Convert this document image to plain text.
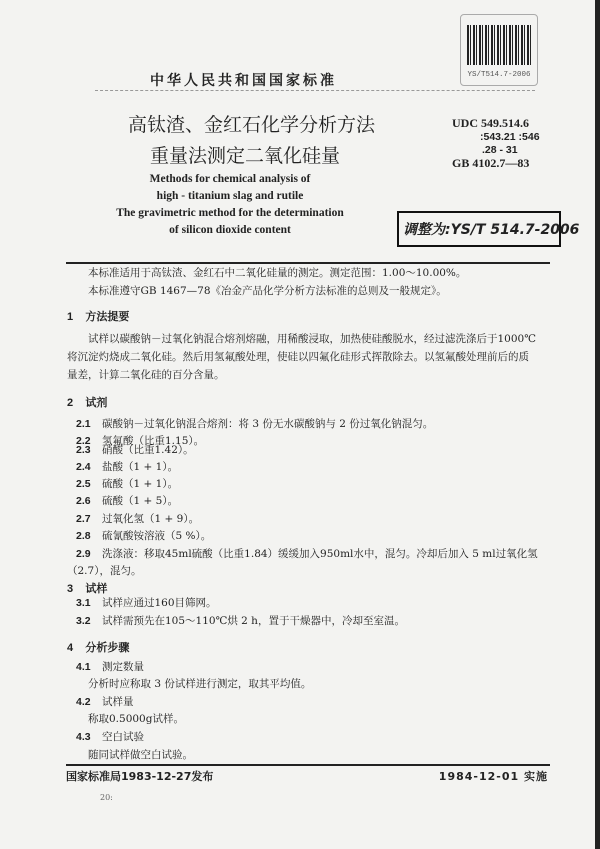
YS/T514.7-2006
中华人民共和国国家标准
高钛渣、金红石化学分析方法
重量法测定二氧化硅量
UDC 549.514.6
:543.21 :546
.28 - 31
GB 4102.7—83
Methods for chemical analysis of
high - titanium slag and rutile
The gravimetric method for the determination
of silicon dioxide content	调整为:YS/T 514.7-2006
本标准适用于高钛渣、金红石中二氧化硅量的测定。测定范围：1.00～10.00%。
本标准遵守GB 1467—78《冶金产品化学分析方法标准的总则及一般规定》。
1 方法提要
试样以碳酸钠－过氧化钠混合熔剂熔融，用稀酸浸取，加热使硅酸脱水，经过滤洗涤后于1000℃
将沉淀灼烧成二氧化硅。然后用氢氟酸处理，使硅以四氟化硅形式挥散除去。以氢氟酸处理前后的质
量差，计算二氧化硅的百分含量。
2 试剂
2.1 碳酸钠－过氧化钠混合熔剂：将 3 份无水碳酸钠与 2 份过氧化钠混匀。
2.2 氢氟酸（比重1.15）。
2.3 硝酸（比重1.42）。
2.4 盐酸（1 + 1）。
2.5 硫酸（1 + 1）。
2.6 硫酸（1 + 5）。
2.7 过氧化氢（1 + 9）。
2.8 硫氰酸铵溶液（5 %）。
2.9 洗涤液：移取45ml硫酸（比重1.84）缓缓加入950ml水中，混匀。冷却后加入 5 ml过氧化氢
（2.7），混匀。
3 试样
3.1 试样应通过160目筛网。
3.2 试样需预先在105～110℃烘 2 h，置于干燥器中，冷却至室温。
4 分析步骤
4.1 测定数量
分析时应称取 3 份试样进行测定，取其平均值。
4.2 试样量
称取0.5000g试样。
4.3 空白试验
随同试样做空白试验。
国家标准局1983-12-27发布	1984-12-01 实施
20:
